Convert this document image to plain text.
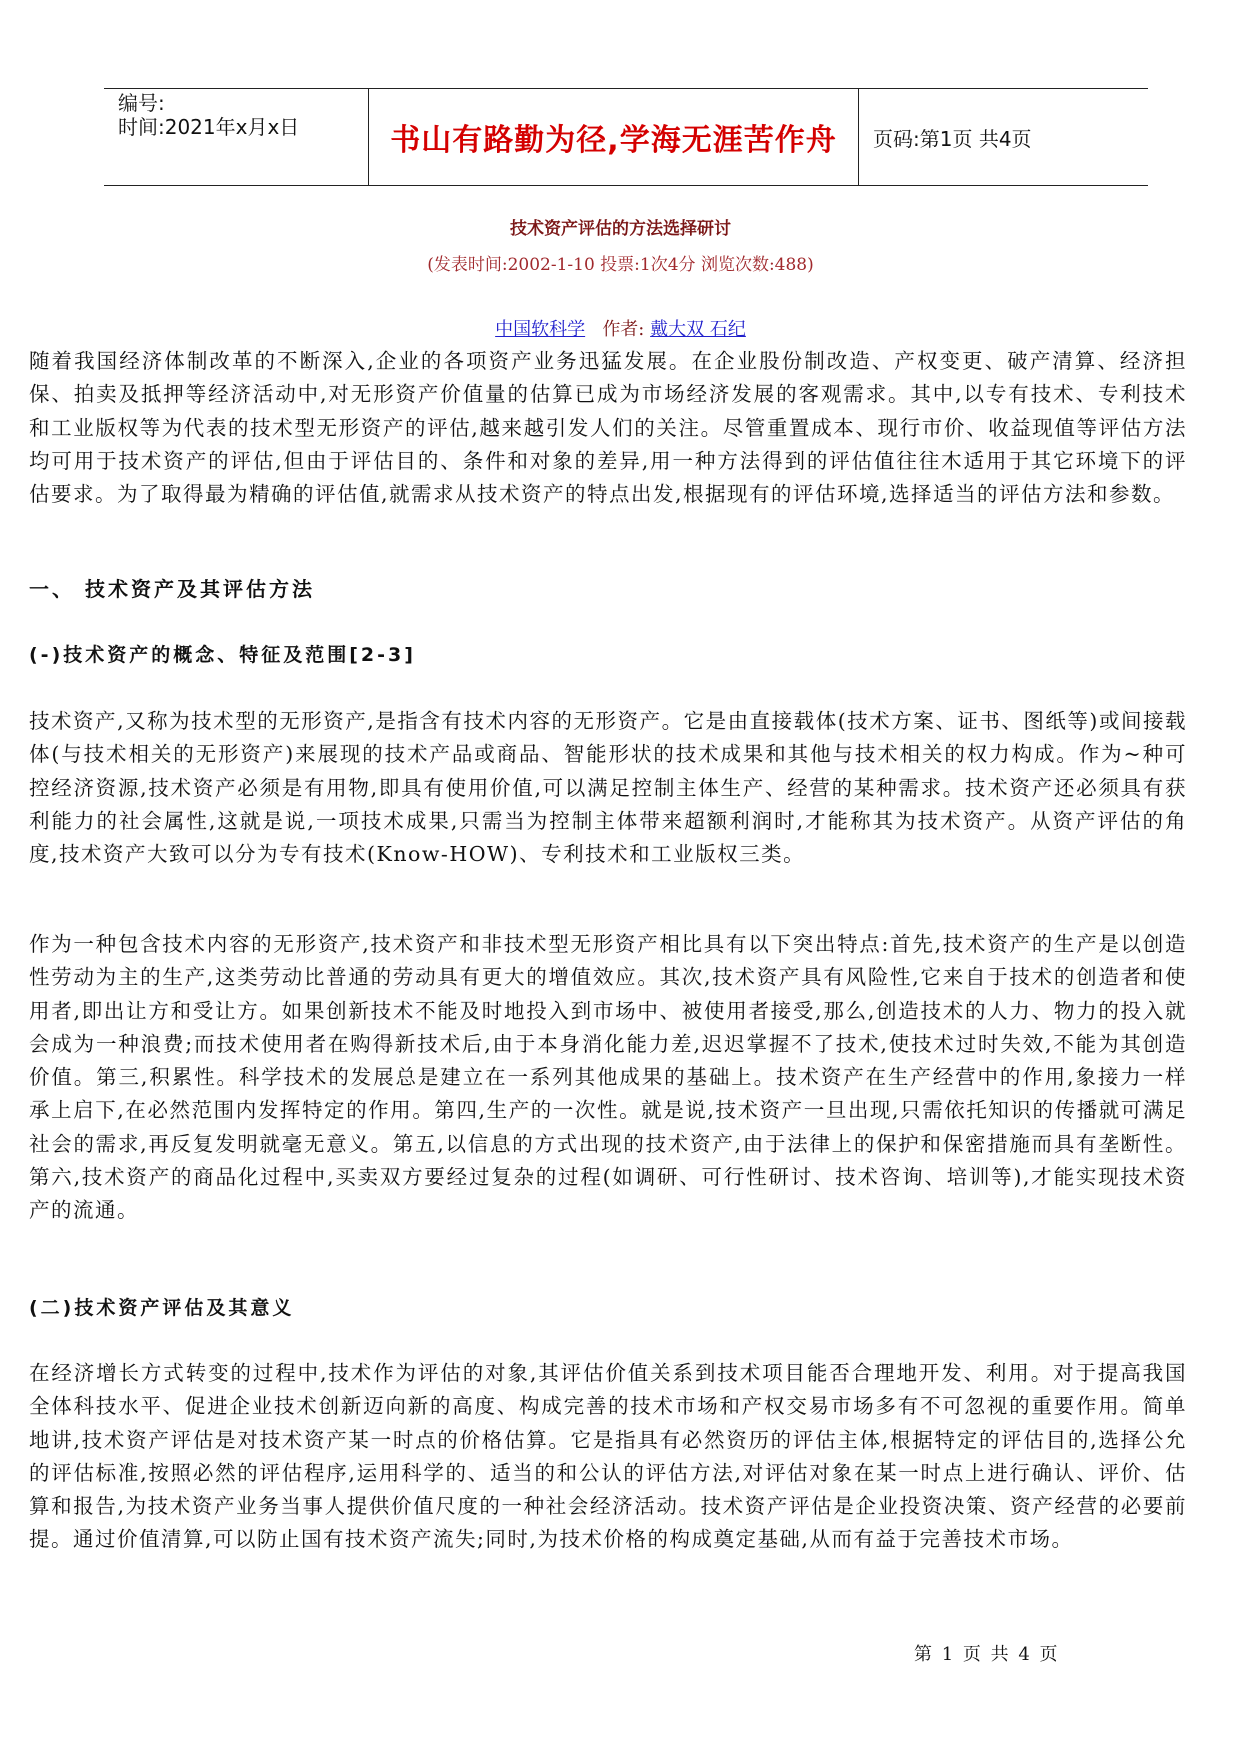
编号:
时间:2021年x月x日	书山有路勤为径,学海无涯苦作舟 页码:第1页 共4页
技术资产评估的方法选择研讨
(发表时间:2002-1-10 投票:1次4分 浏览次数:488)
中国软科学 作者: 戴大双 石纪

随着我国经济体制改革的不断深入,企业的各项资产业务迅猛发展。在企业股份制改造、产权变更、破产清算、经济担保、拍卖及抵押等经济活动中,对无形资产价值量的估算已成为市场经济发展的客观需求。其中,以专有技术、专利技术和工业版权等为代表的技术型无形资产的评估,越来越引发人们的关注。尽管重置成本、现行市价、收益现值等评估方法均可用于技术资产的评估,但由于评估目的、条件和对象的差异,用一种方法得到的评估值往往木适用于其它环境下的评估要求。为了取得最为精确的评估值,就需求从技术资产的特点出发,根据现有的评估环境,选择适当的评估方法和参数。

一、 技术资产及其评估方法
(-)技术资产的概念、特征及范围[2-3]

技术资产,又称为技术型的无形资产,是指含有技术内容的无形资产。它是由直接载体(技术方案、证书、图纸等)或间接载体(与技术相关的无形资产)来展现的技术产品或商品、智能形状的技术成果和其他与技术相关的权力构成。作为~种可控经济资源,技术资产必须是有用物,即具有使用价值,可以满足控制主体生产、经营的某种需求。技术资产还必须具有获利能力的社会属性,这就是说,一项技术成果,只需当为控制主体带来超额利润时,才能称其为技术资产。从资产评估的角度,技术资产大致可以分为专有技术(Know-HOW)、专利技术和工业版权三类。

作为一种包含技术内容的无形资产,技术资产和非技术型无形资产相比具有以下突出特点:首先,技术资产的生产是以创造性劳动为主的生产,这类劳动比普通的劳动具有更大的增值效应。其次,技术资产具有风险性,它来自于技术的创造者和使用者,即出让方和受让方。如果创新技术不能及时地投入到市场中、被使用者接受,那么,创造技术的人力、物力的投入就会成为一种浪费;而技术使用者在购得新技术后,由于本身消化能力差,迟迟掌握不了技术,使技术过时失效,不能为其创造价值。第三,积累性。科学技术的发展总是建立在一系列其他成果的基础上。技术资产在生产经营中的作用,象接力一样承上启下,在必然范围内发挥特定的作用。第四,生产的一次性。就是说,技术资产一旦出现,只需依托知识的传播就可满足社会的需求,再反复发明就毫无意义。第五,以信息的方式出现的技术资产,由于法律上的保护和保密措施而具有垄断性。第六,技术资产的商品化过程中,买卖双方要经过复杂的过程(如调研、可行性研讨、技术咨询、培训等),才能实现技术资产的流通。

(二)技术资产评估及其意义

在经济增长方式转变的过程中,技术作为评估的对象,其评估价值关系到技术项目能否合理地开发、利用。对于提高我国全体科技水平、促进企业技术创新迈向新的高度、构成完善的技术市场和产权交易市场多有不可忽视的重要作用。简单地讲,技术资产评估是对技术资产某一时点的价格估算。它是指具有必然资历的评估主体,根据特定的评估目的,选择公允的评估标准,按照必然的评估程序,运用科学的、适当的和公认的评估方法,对评估对象在某一时点上进行确认、评价、估算和报告,为技术资产业务当事人提供价值尺度的一种社会经济活动。技术资产评估是企业投资决策、资产经营的必要前提。通过价值清算,可以防止国有技术资产流失;同时,为技术价格的构成奠定基础,从而有益于完善技术市场。

第 1 页 共 4 页
